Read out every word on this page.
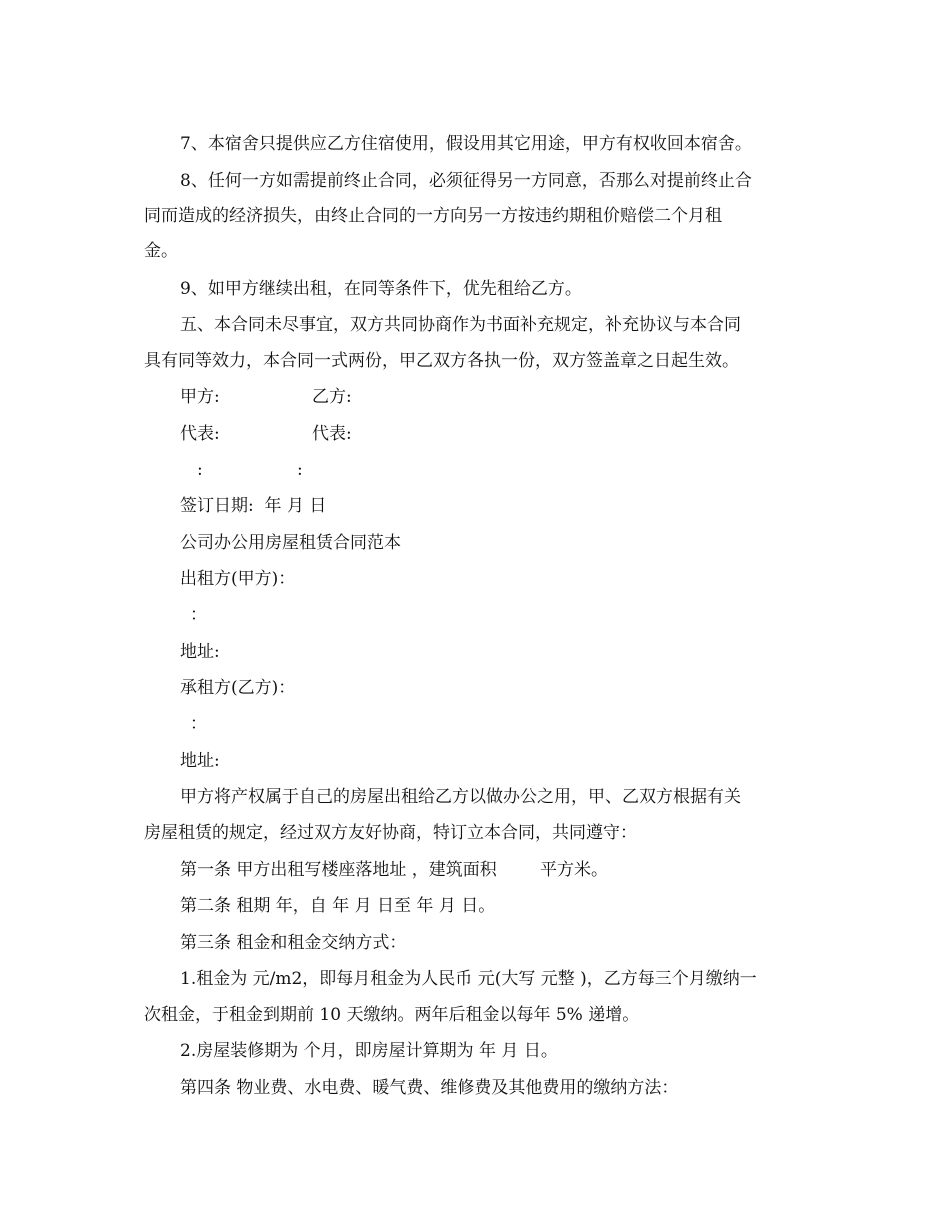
7、本宿舍只提供应乙方住宿使用，假设用其它用途，甲方有权收回本宿舍。
8、任何一方如需提前终止合同，必须征得另一方同意，否那么对提前终止合
同而造成的经济损失，由终止合同的一方向另一方按违约期租价赔偿二个月租
金。
9、如甲方继续出租，在同等条件下，优先租给乙方。
五、本合同未尽事宜，双方共同协商作为书面补充规定，补充协议与本合同
具有同等效力，本合同一式两份，甲乙双方各执一份，双方签盖章之日起生效。
甲方:	乙方:
代表:	代表:
:	:
签订日期:  年 月 日
公司办公用房屋租赁合同范本
出租方(甲方)：
：
地址:
承租方(乙方)：
：
地址:
甲方将产权属于自己的房屋出租给乙方以做办公之用，甲、乙双方根据有关
房屋租赁的规定，经过双方友好协商，特订立本合同，共同遵守：
第一条 甲方出租写楼座落地址 ，建筑面积        平方米。
第二条 租期 年，自 年 月 日至 年 月 日。
第三条 租金和租金交纳方式：
1.租金为 元/m2，即每月租金为人民币 元(大写 元整 )，乙方每三个月缴纳一
次租金，于租金到期前 10 天缴纳。两年后租金以每年 5% 递增。
2.房屋装修期为 个月，即房屋计算期为 年 月 日。
第四条 物业费、水电费、暖气费、维修费及其他费用的缴纳方法：
